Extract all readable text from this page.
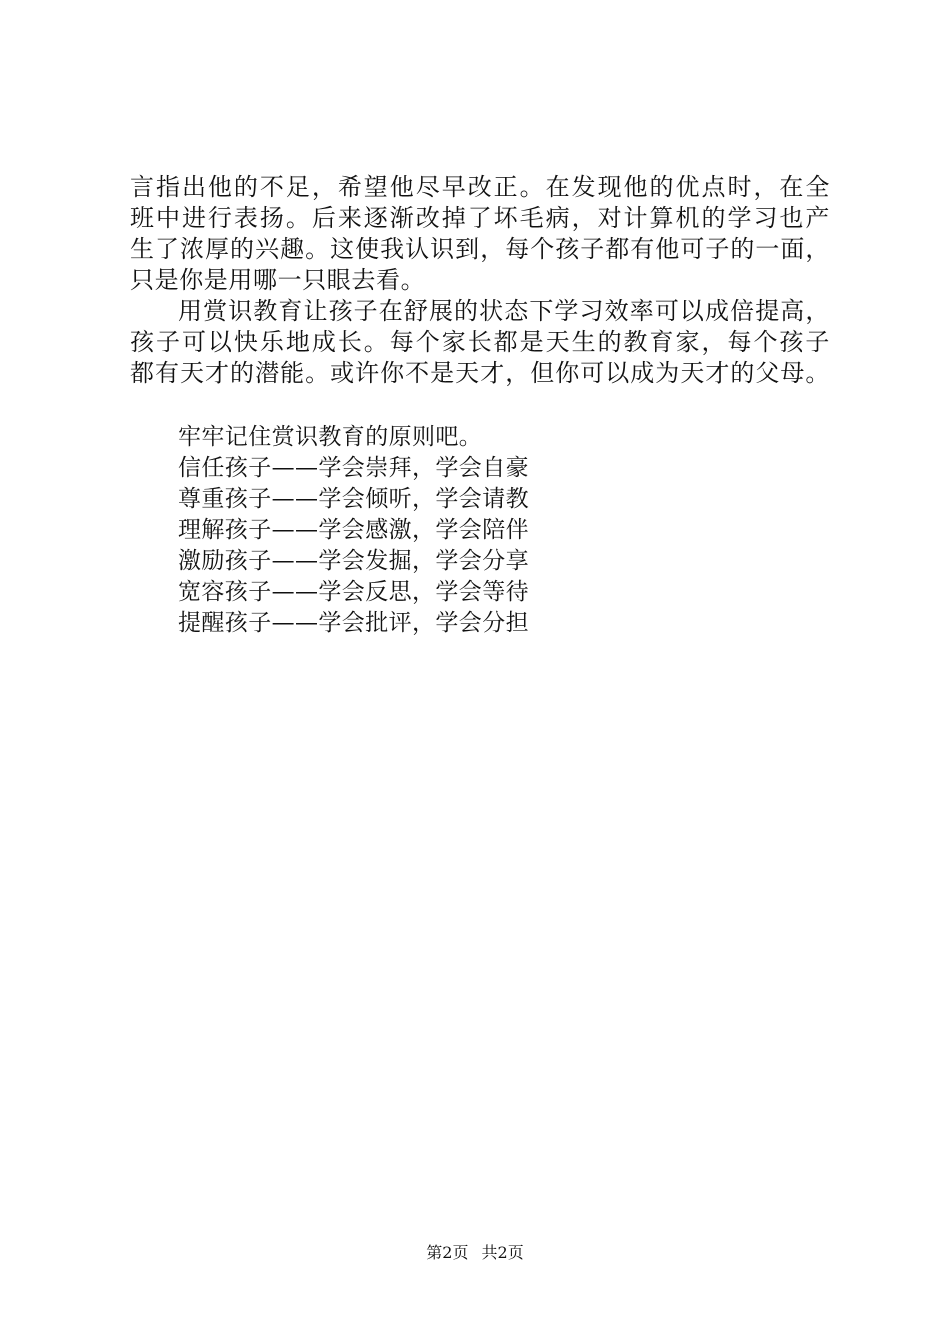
言指出他的不足，希望他尽早改正。在发现他的优点时，在全
班中进行表扬。后来逐渐改掉了坏毛病，对计算机的学习也产
生了浓厚的兴趣。这使我认识到，每个孩子都有他可子的一面，
只是你是用哪一只眼去看。
用赏识教育让孩子在舒展的状态下学习效率可以成倍提高，
孩子可以快乐地成长。每个家长都是天生的教育家，每个孩子
都有天才的潜能。或许你不是天才，但你可以成为天才的父母。
牢牢记住赏识教育的原则吧。
信任孩子——学会崇拜，学会自豪
尊重孩子——学会倾听，学会请教
理解孩子——学会感激，学会陪伴
激励孩子——学会发掘，学会分享
宽容孩子——学会反思，学会等待
提醒孩子——学会批评，学会分担
第2页 共2页
